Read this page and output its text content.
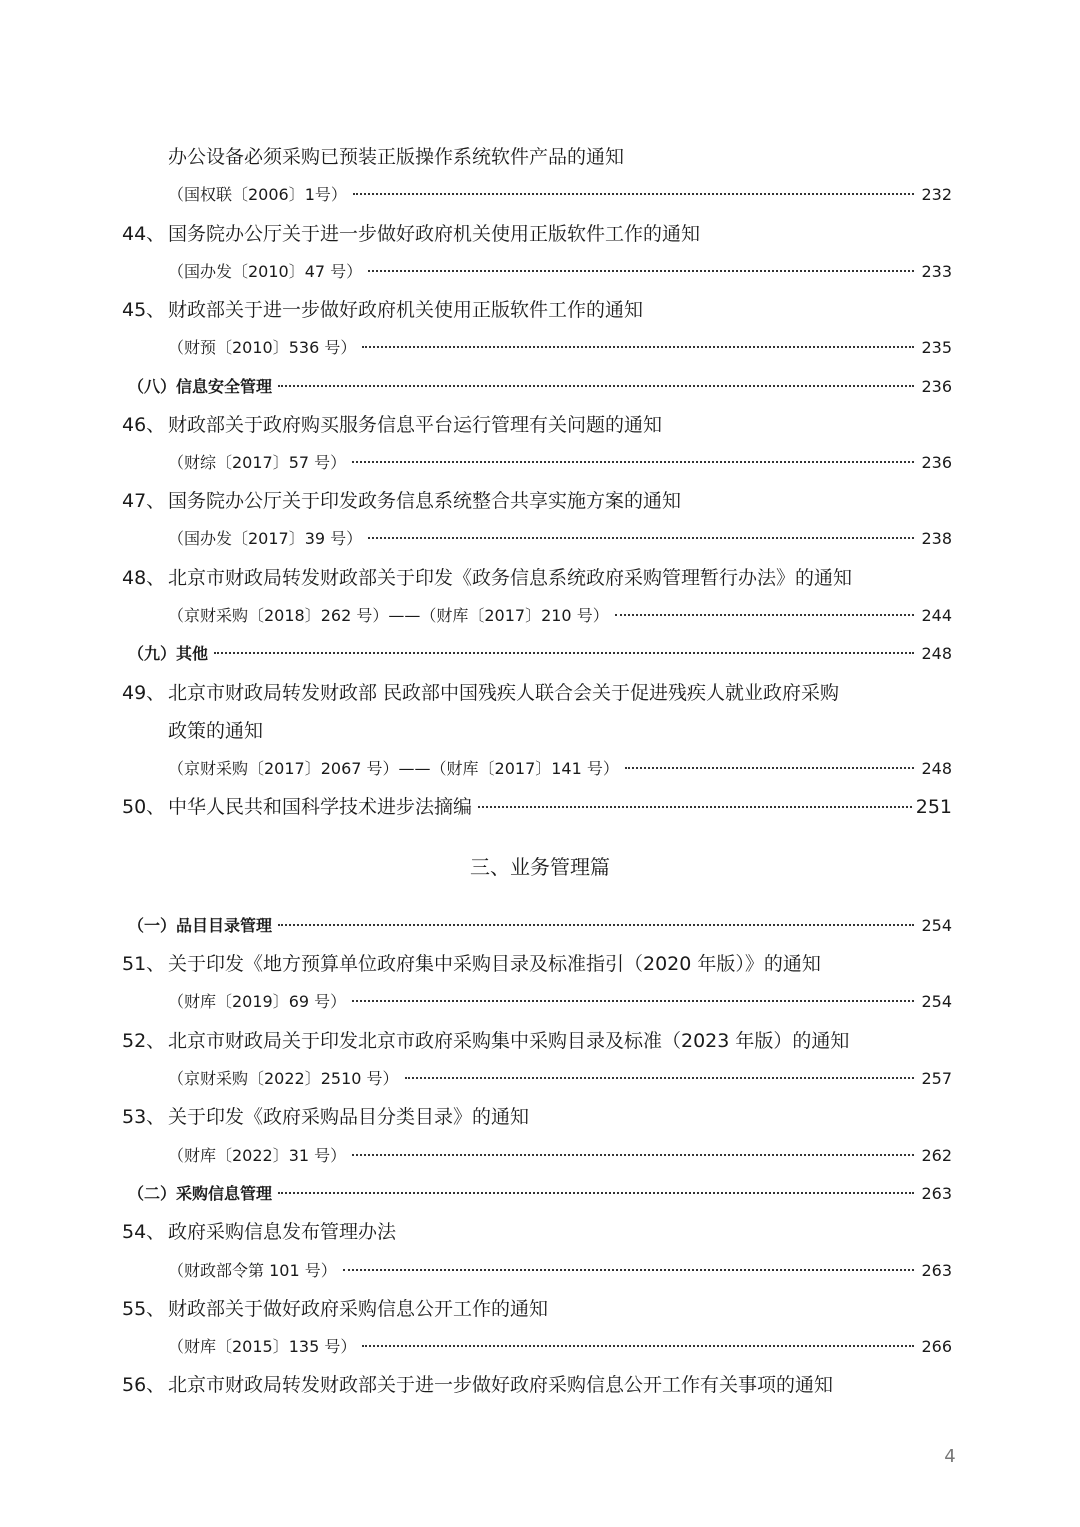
办公设备必须采购已预装正版操作系统软件产品的通知
（国权联〔2006〕1号）	232
44、 国务院办公厅关于进一步做好政府机关使用正版软件工作的通知
（国办发〔2010〕47 号）	233
45、 财政部关于进一步做好政府机关使用正版软件工作的通知
（财预〔2010〕536 号）	235
（八）信息安全管理	236
46、 财政部关于政府购买服务信息平台运行管理有关问题的通知
（财综〔2017〕57 号）	236
47、 国务院办公厅关于印发政务信息系统整合共享实施方案的通知
（国办发〔2017〕39 号）	238
48、 北京市财政局转发财政部关于印发《政务信息系统政府采购管理暂行办法》的通知
（京财采购〔2018〕262 号）——（财库〔2017〕210 号）	244
（九）其他	248
49、 北京市财政局转发财政部 民政部中国残疾人联合会关于促进残疾人就业政府采购
政策的通知
（京财采购〔2017〕2067 号）——（财库〔2017〕141 号）	248
50、 中华人民共和国科学技术进步法摘编	251
三、业务管理篇
（一）品目目录管理	254
51、 关于印发《地方预算单位政府集中采购目录及标准指引（2020 年版）》的通知
（财库〔2019〕69 号）	254
52、 北京市财政局关于印发北京市政府采购集中采购目录及标准（2023 年版）的通知
（京财采购〔2022〕2510 号）	257
53、 关于印发《政府采购品目分类目录》的通知
（财库〔2022〕31 号）	262
（二）采购信息管理	263
54、 政府采购信息发布管理办法
（财政部令第 101 号）	263
55、 财政部关于做好政府采购信息公开工作的通知
（财库〔2015〕135 号）	266
56、 北京市财政局转发财政部关于进一步做好政府采购信息公开工作有关事项的通知
4
